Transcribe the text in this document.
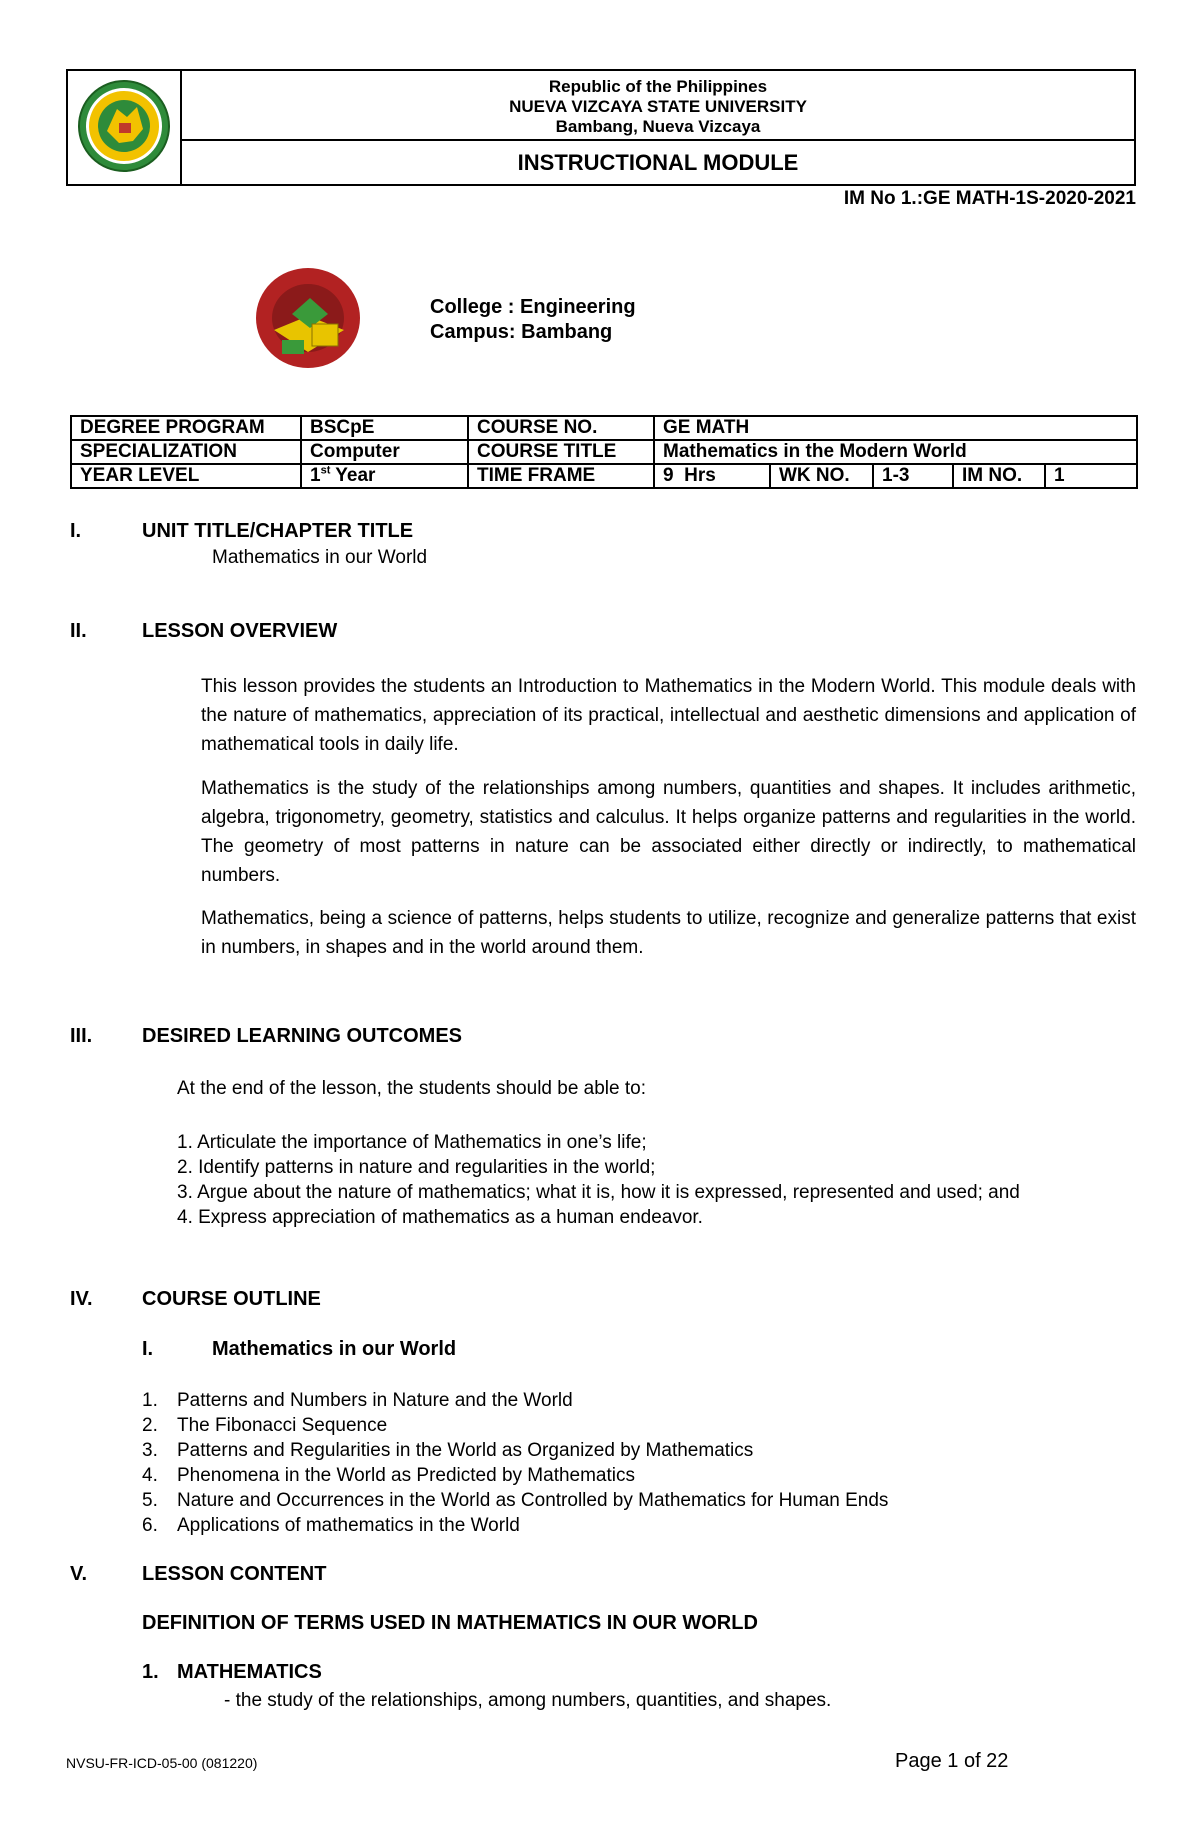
Republic of the Philippines
NUEVA VIZCAYA STATE UNIVERSITY
Bambang, Nueva Vizcaya
INSTRUCTIONAL MODULE
IM No 1.:GE MATH-1S-2020-2021
College : Engineering
Campus: Bambang
DEGREE PROGRAM	BSCpE	COURSE NO.	GE MATH				
SPECIALIZATION	Computer	COURSE TITLE	Mathematics in the Modern World				
YEAR LEVEL	1st Year	TIME FRAME	9  Hrs	WK NO.	1-3	IM NO.	1
I.	UNIT TITLE/CHAPTER TITLE
Mathematics in our World
II.	LESSON OVERVIEW
This lesson provides the students an Introduction to Mathematics in the Modern World. This module deals with the nature of mathematics, appreciation of its practical, intellectual and aesthetic dimensions and application of mathematical tools in daily life.
Mathematics is the study of the relationships among numbers, quantities and shapes. It includes arithmetic, algebra, trigonometry, geometry, statistics and calculus. It helps organize patterns and regularities in the world. The geometry of most patterns in nature can be associated either directly or indirectly, to mathematical numbers.
Mathematics, being a science of patterns, helps students to utilize, recognize and generalize patterns that exist in numbers, in shapes and in the world around them.
III. DESIRED LEARNING OUTCOMES
At the end of the lesson, the students should be able to:
1. Articulate the importance of Mathematics in one’s life;
2. Identify patterns in nature and regularities in the world;
3. Argue about the nature of mathematics; what it is, how it is expressed, represented and used; and
4. Express appreciation of mathematics as a human endeavor.
IV. COURSE OUTLINE
I.	Mathematics in our World
1. Patterns and Numbers in Nature and the World
2. The Fibonacci Sequence
3. Patterns and Regularities in the World as Organized by Mathematics
4. Phenomena in the World as Predicted by Mathematics
5. Nature and Occurrences in the World as Controlled by Mathematics for Human Ends
6. Applications of mathematics in the World
V.	LESSON CONTENT
DEFINITION OF TERMS USED IN MATHEMATICS IN OUR WORLD
1. MATHEMATICS
- the study of the relationships, among numbers, quantities, and shapes.
NVSU-FR-ICD-05-00 (081220)	Page 1 of 22
